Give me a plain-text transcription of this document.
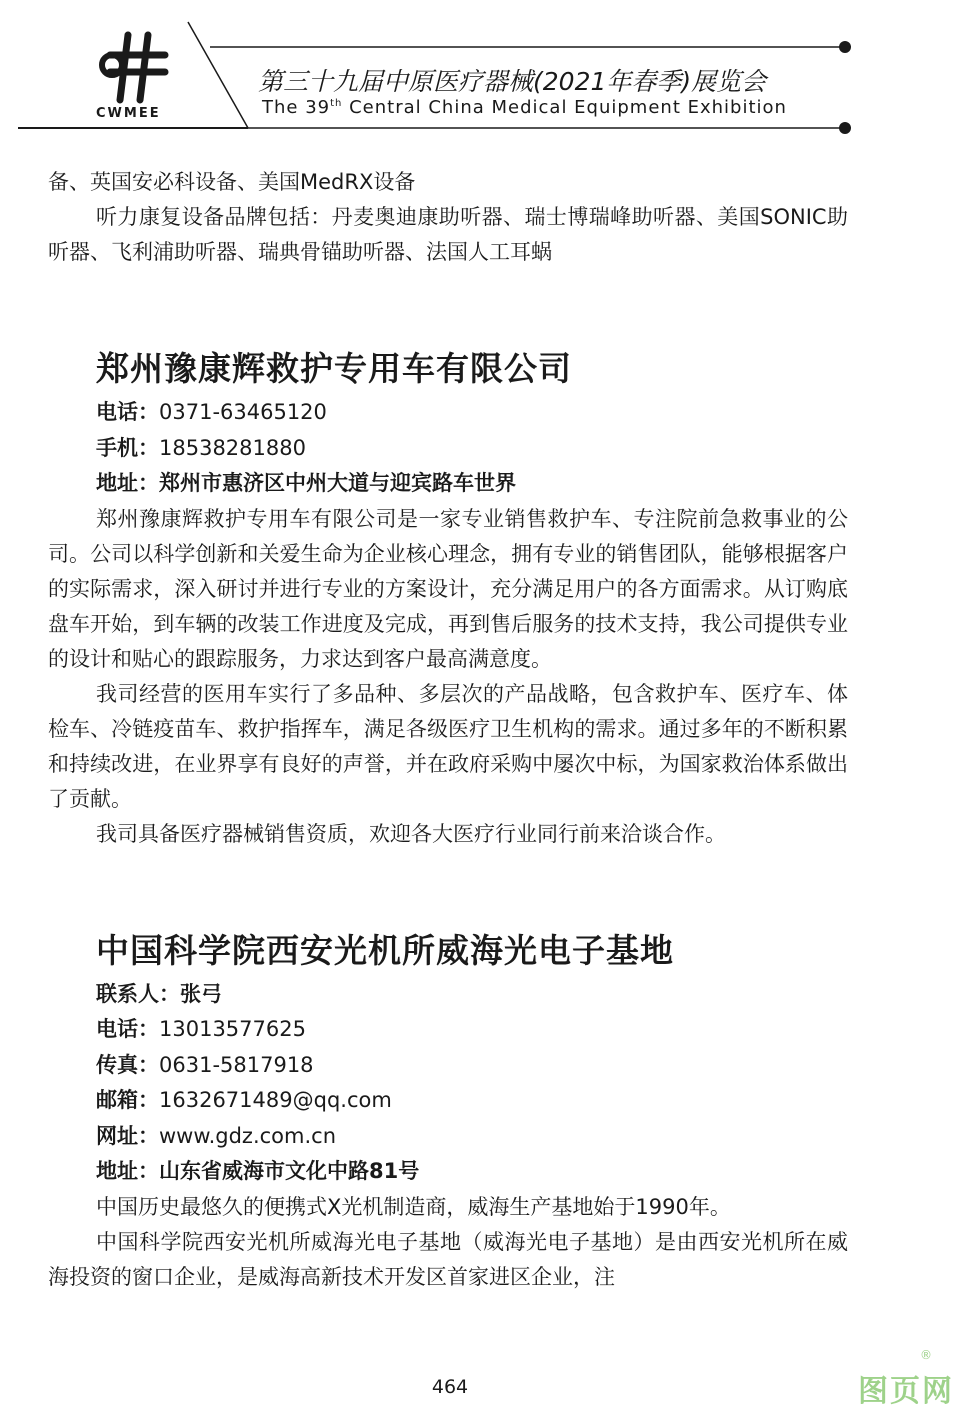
CWMEE
第三十九届中原医疗器械(2021年春季)展览会
The 39th Central China Medical Equipment Exhibition

备、英国安必科设备、美国MedRX设备

听力康复设备品牌包括：丹麦奥迪康助听器、瑞士博瑞峰助听器、美国SONIC助听器、飞利浦助听器、瑞典骨锚助听器、法国人工耳蜗

郑州豫康辉救护专用车有限公司
电话：0371-63465120
手机：18538281880
地址：郑州市惠济区中州大道与迎宾路车世界

郑州豫康辉救护专用车有限公司是一家专业销售救护车、专注院前急救事业的公司。公司以科学创新和关爱生命为企业核心理念，拥有专业的销售团队，能够根据客户的实际需求，深入研讨并进行专业的方案设计，充分满足用户的各方面需求。从订购底盘车开始，到车辆的改装工作进度及完成，再到售后服务的技术支持，我公司提供专业的设计和贴心的跟踪服务，力求达到客户最高满意度。

我司经营的医用车实行了多品种、多层次的产品战略，包含救护车、医疗车、体检车、冷链疫苗车、救护指挥车，满足各级医疗卫生机构的需求。通过多年的不断积累和持续改进，在业界享有良好的声誉，并在政府采购中屡次中标，为国家救治体系做出了贡献。

我司具备医疗器械销售资质，欢迎各大医疗行业同行前来洽谈合作。

中国科学院西安光机所威海光电子基地
联系人：张弓
电话：13013577625
传真：0631-5817918
邮箱：1632671489@qq.com
网址：www.gdz.com.cn
地址：山东省威海市文化中路81号

中国历史最悠久的便携式X光机制造商，威海生产基地始于1990年。

中国科学院西安光机所威海光电子基地（威海光电子基地）是由西安光机所在威海投资的窗口企业，是威海高新技术开发区首家进区企业，注

464	图页网
®
